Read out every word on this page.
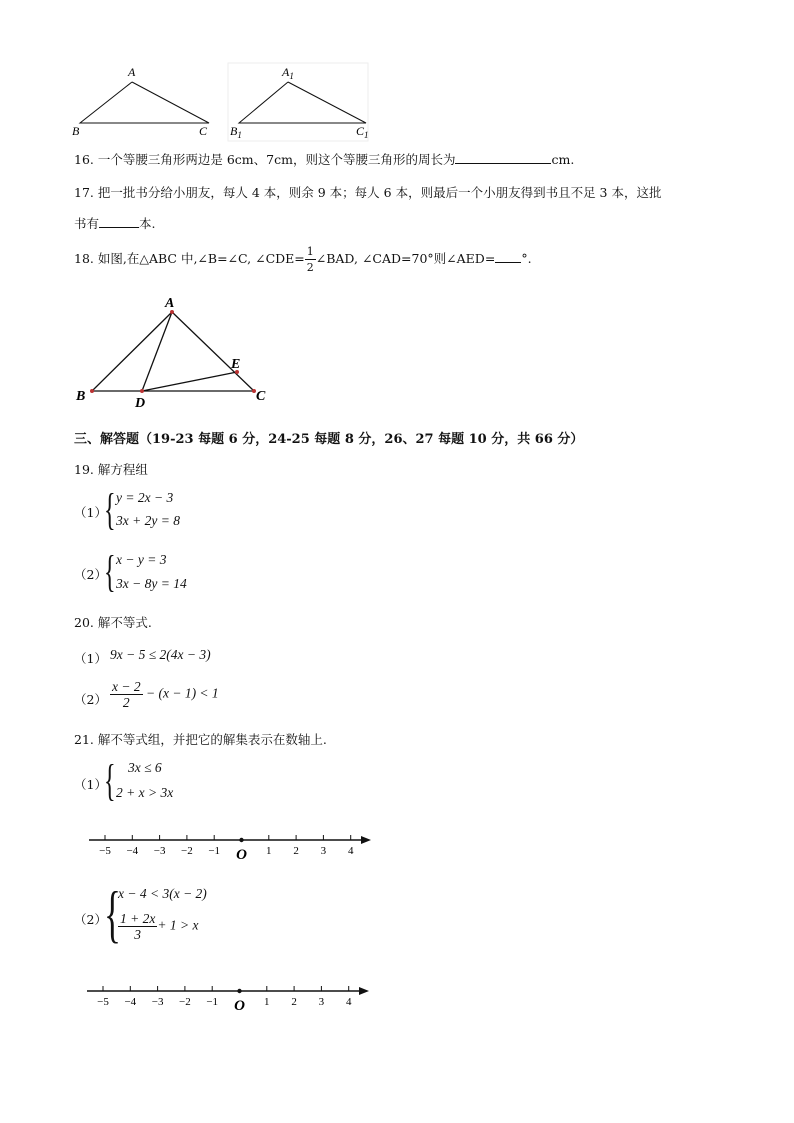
A
B	C
$A_1$
$B_1$	$C_1$
16. 一个等腰三角形两边是 6cm、7cm，则这个等腰三角形的周长为	cm.
17. 把一批书分给小朋友，每人 4 本，则余 9 本；每人 6 本，则最后一个小朋友得到书且不足 3 本，这批
书有	本.
18. 如图,在△ABC 中,∠B=∠C, ∠CDE= $\frac{1}{2}$ ∠BAD, ∠CAD=70°则∠AED= °.
A
B	C
D
E
三、解答题（19-23 每题 6 分，24-25 每题 8 分，26、27 每题 10 分，共 66 分）
19. 解方程组
（1）
{ y = 2x − 3
3x + 2y = 8
（2）
{ x − y = 3
3x − 8y = 14
20. 解不等式.
（1） 9x − 5 ≤ 2(4x − 3)
$(2) \frac{x - 2}{2} - (x - 1) < 1$
21. 解不等式组，并把它的解集表示在数轴上.
（1）
{ 3x ≤ 6
2 + x > 3x
−5 −4 −3 −2 −1 O 1 2 3 4
（2）
{
x − 4 < 3(x − 2)
$\frac{1 + 2x}{3} + 1 > x$
−5 −4 −3 −2 −1 O 1 2 3 4
